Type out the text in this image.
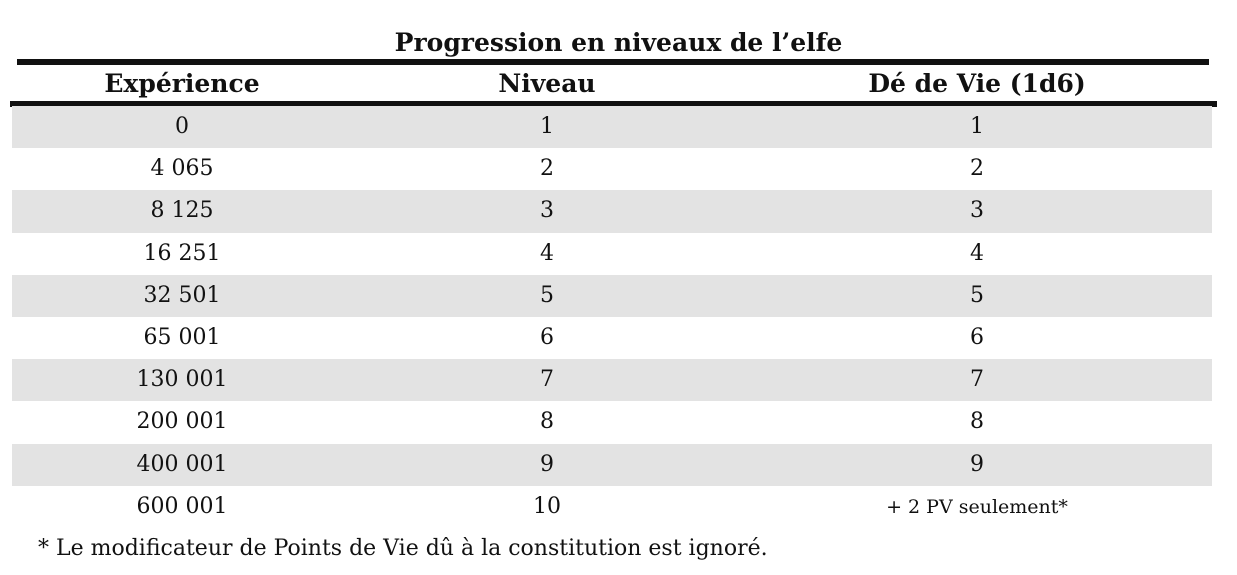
Progression en niveaux de l’elfe
Expérience	Niveau	Dé de Vie (1d6)
0	1	1
4 065	2	2
8 125	3	3
16 251	4	4
32 501	5	5
65 001	6	6
130 001	7	7
200 001	8	8
400 001	9	9
600 001	10	+ 2 PV seulement*
* Le modificateur de Points de Vie dû à la constitution est ignoré.
